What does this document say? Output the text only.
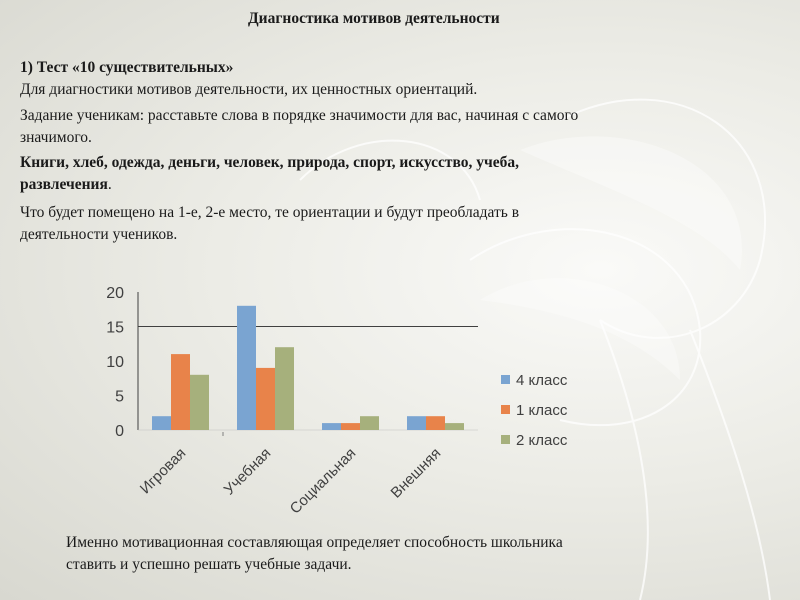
Диагностика мотивов деятельности
1) Тест «10 существительных»
Для диагностики мотивов деятельности, их ценностных ориентаций.
Задание ученикам: расставьте слова в порядке значимости для вас, начиная с самого
значимого.
Книги, хлеб, одежда, деньги, человек, природа, спорт, искусство, учеба,
развлечения.
Что будет помещено на 1-е, 2-е место, те ориентации и будут преобладать в
деятельности учеников.
0
5
10
15
20
Игровая Учебная Социальная Внешняя
4 класс
1 класс
2 класс
Именно мотивационная составляющая определяет способность школьника
ставить и успешно решать учебные задачи.
